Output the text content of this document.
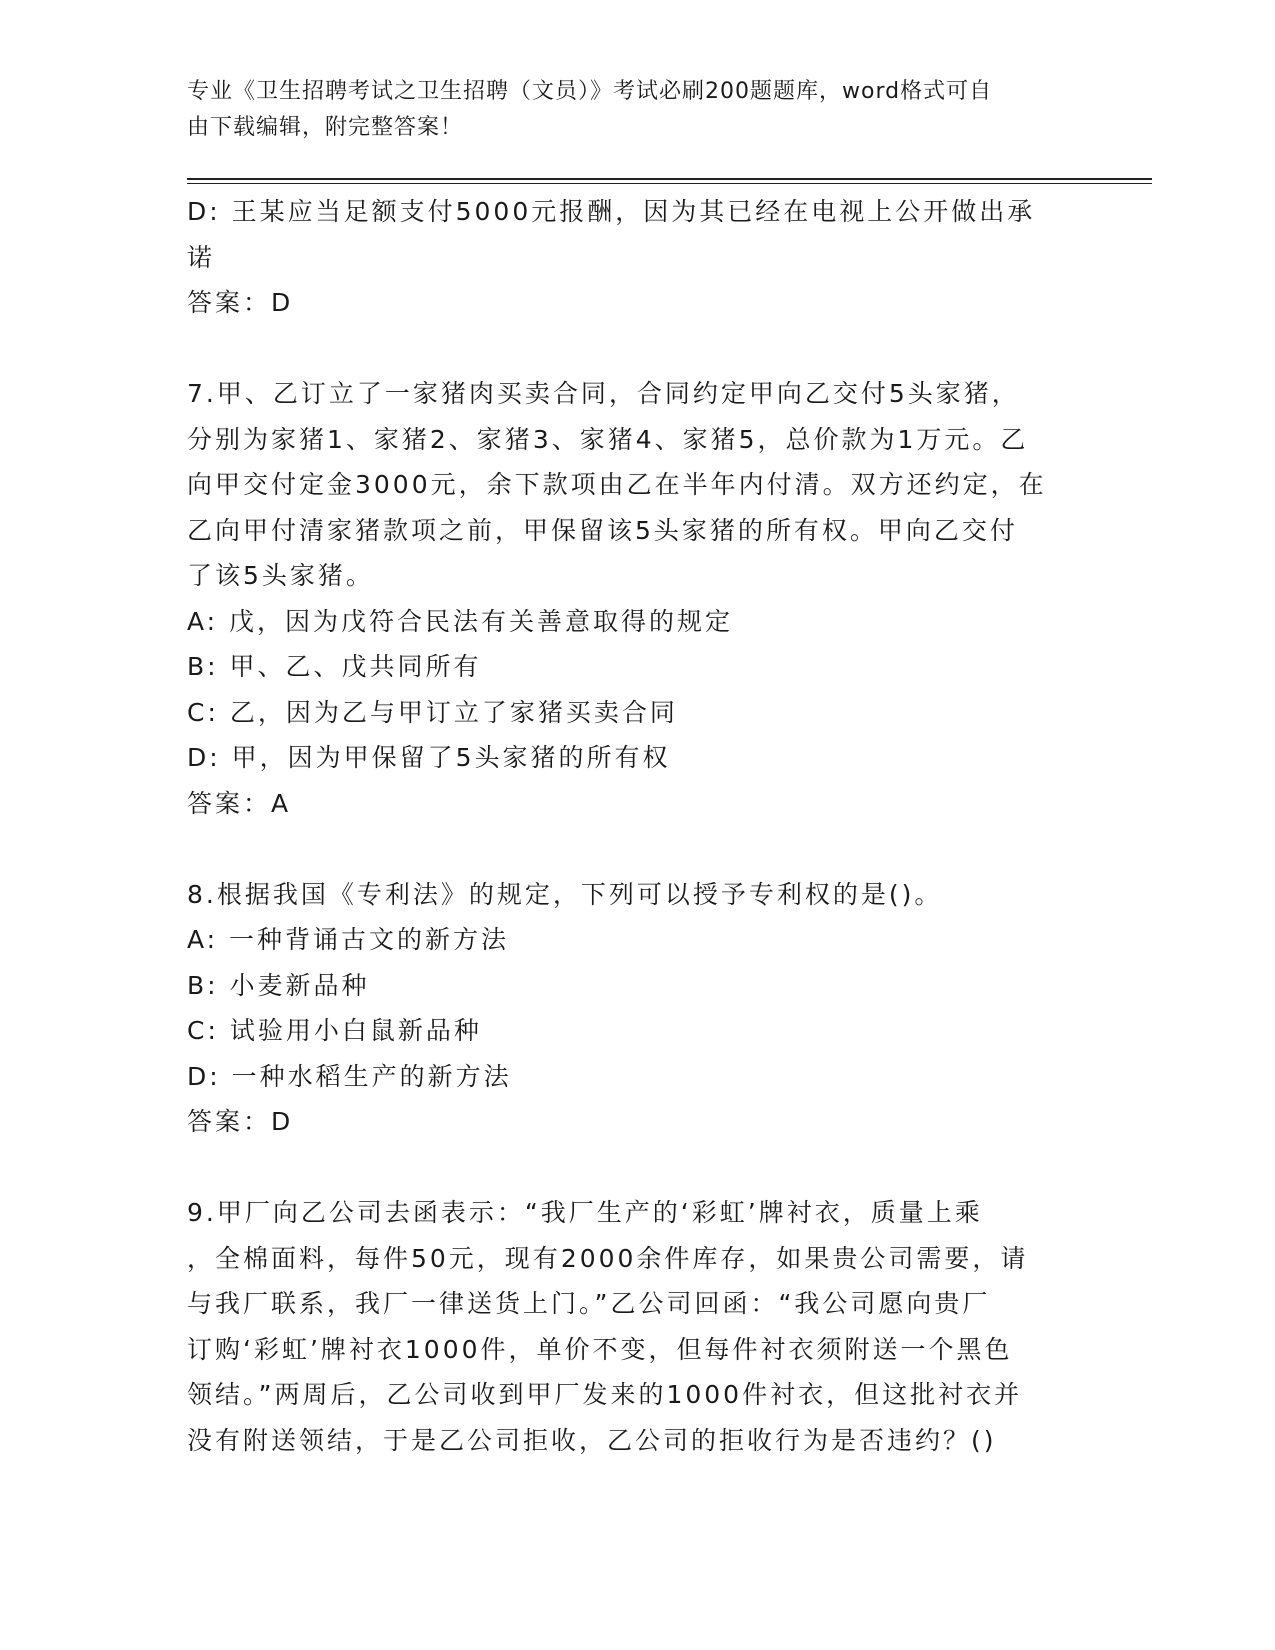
专业《卫生招聘考试之卫生招聘（文员）》考试必刷200题题库，word格式可自
由下载编辑，附完整答案！
D: 王某应当足额支付5000元报酬，因为其已经在电视上公开做出承
诺
答案：D
7.甲、乙订立了一家猪肉买卖合同，合同约定甲向乙交付5头家猪，
分别为家猪1、家猪2、家猪3、家猪4、家猪5，总价款为1万元。乙
向甲交付定金3000元，余下款项由乙在半年内付清。双方还约定，在
乙向甲付清家猪款项之前，甲保留该5头家猪的所有权。甲向乙交付
了该5头家猪。
A: 戊，因为戊符合民法有关善意取得的规定
B: 甲、乙、戊共同所有
C: 乙，因为乙与甲订立了家猪买卖合同
D: 甲，因为甲保留了5头家猪的所有权
答案：A
8.根据我国《专利法》的规定，下列可以授予专利权的是()。
A: 一种背诵古文的新方法
B: 小麦新品种
C: 试验用小白鼠新品种
D: 一种水稻生产的新方法
答案：D
9.甲厂向乙公司去函表示：“我厂生产的‘彩虹’牌衬衣，质量上乘
，全棉面料，每件50元，现有2000余件库存，如果贵公司需要，请
与我厂联系，我厂一律送货上门。”乙公司回函：“我公司愿向贵厂
订购‘彩虹’牌衬衣1000件，单价不变，但每件衬衣须附送一个黑色
领结。”两周后，乙公司收到甲厂发来的1000件衬衣，但这批衬衣并
没有附送领结，于是乙公司拒收，乙公司的拒收行为是否违约？()
